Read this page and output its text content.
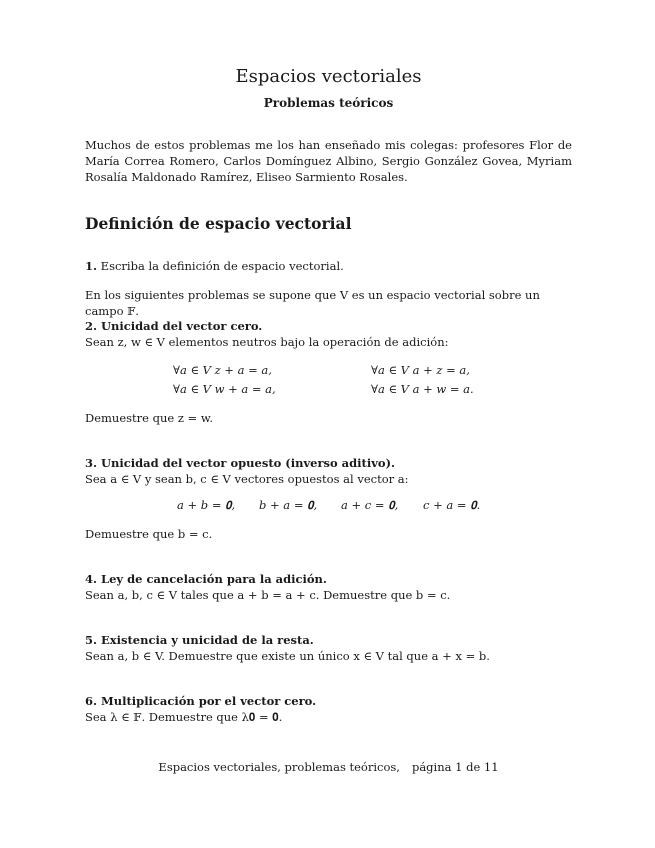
Espacios vectoriales
Problemas teóricos
Muchos de estos problemas me los han enseñado mis colegas: profesores Flor de María Correa Romero, Carlos Domínguez Albino, Sergio González Govea, Myriam Rosalía Maldonado Ramírez, Eliseo Sarmiento Rosales.
Definición de espacio vectorial
1. Escriba la definición de espacio vectorial.
En los siguientes problemas se supone que V es un espacio vectorial sobre un campo 𝔽.
2. Unicidad del vector cero.
Sean z, w ∈ V elementos neutros bajo la operación de adición:
∀a ∈ V z + a = a,	∀a ∈ V a + z = a,
∀a ∈ V w + a = a,	∀a ∈ V a + w = a.
Demuestre que z = w.
3. Unicidad del vector opuesto (inverso aditivo).
Sea a ∈ V y sean b, c ∈ V vectores opuestos al vector a:
a + b = 𝟎, b + a = 𝟎, a + c = 𝟎, c + a = 𝟎.
Demuestre que b = c.
4. Ley de cancelación para la adición.
Sean a, b, c ∈ V tales que a + b = a + c. Demuestre que b = c.
5. Existencia y unicidad de la resta.
Sean a, b ∈ V. Demuestre que existe un único x ∈ V tal que a + x = b.
6. Multiplicación por el vector cero.
Sea λ ∈ 𝔽. Demuestre que λ𝟎 = 𝟎.
Espacios vectoriales, problemas teóricos, página 1 de 11
